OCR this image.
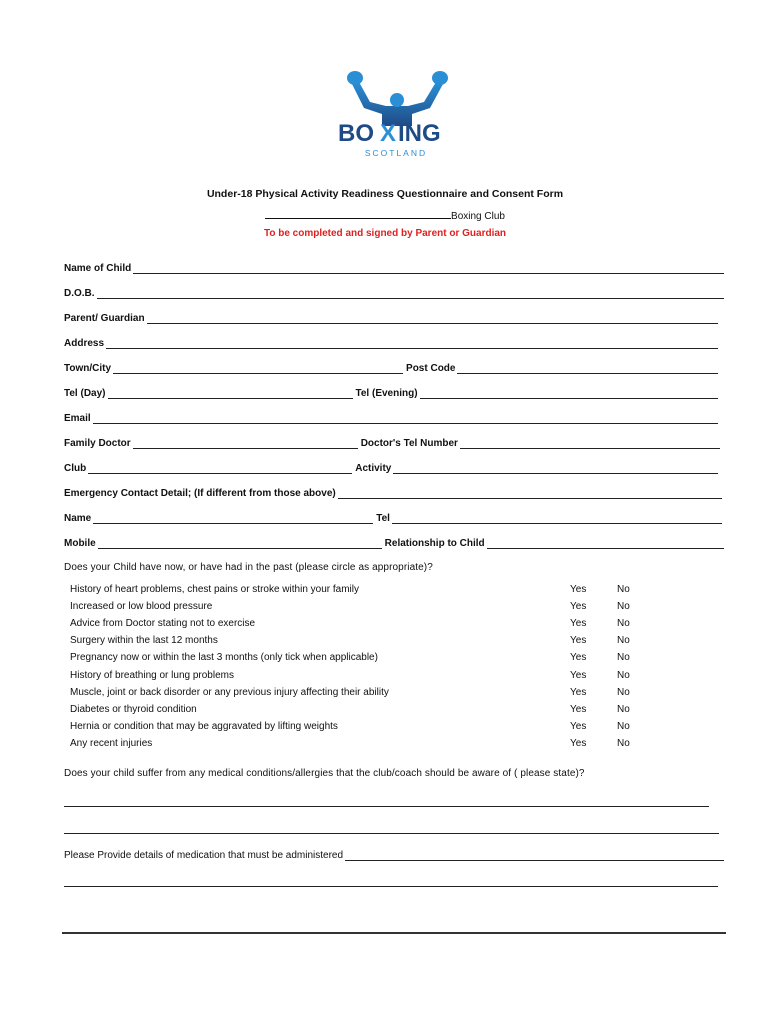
BO X ING
SCOTLAND
Under-18 Physical Activity Readiness Questionnaire and Consent Form
Boxing Club
To be completed and signed by Parent or Guardian
Name of Child
D.O.B.
Parent/ Guardian
Address
Town/City	Post Code
Tel (Day)	Tel (Evening)
Email
Family Doctor	Doctor's Tel Number
Club	Activity
Emergency Contact Detail; (If different from those above)
Name	Tel
Mobile	Relationship to Child
Does your Child have now, or have had in the past (please circle as appropriate)?
History of heart problems, chest pains or stroke within your family	Yes	No
Increased or low blood pressure	Yes	No
Advice from Doctor stating not to exercise	Yes	No
Surgery within the last 12 months	Yes	No
Pregnancy now or within the last 3 months (only tick when applicable)	Yes	No
History of breathing or lung problems	Yes	No
Muscle, joint or back disorder or any previous injury affecting their ability	Yes	No
Diabetes or thyroid condition	Yes	No
Hernia or condition that may be aggravated by lifting weights	Yes	No
Any recent injuries	Yes	No
Does your child suffer from any medical conditions/allergies that the club/coach should be aware of ( please state)?
Please Provide details of medication that must be administered
